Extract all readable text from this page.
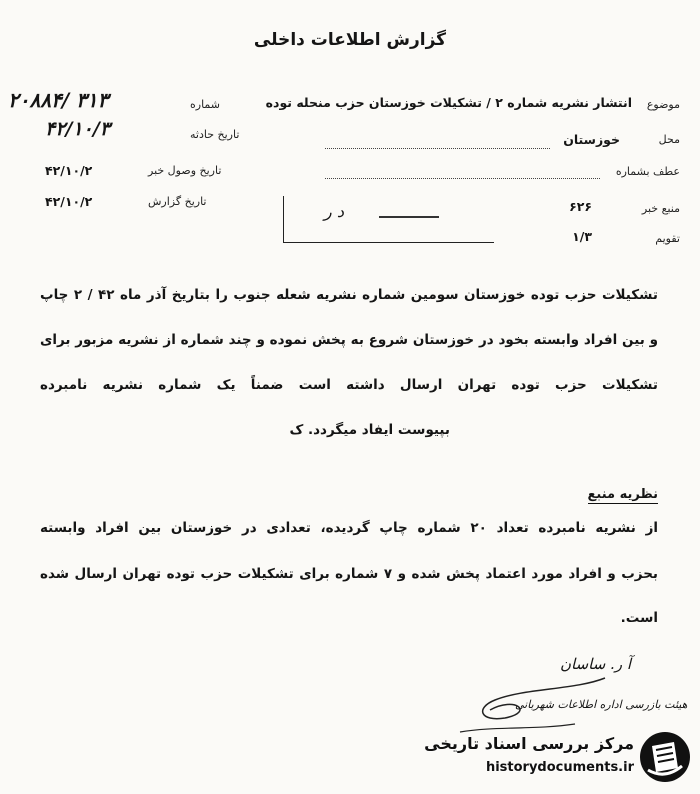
گزارش اطلاعات داخلی
شماره
۲۰۸۸۴/ ۳۱۳
تاریخ حادثه
۴۲/۱۰/۳
تاریخ وصول خبر
۴۲/۱۰/۲
تاریخ گزارش
۴۲/۱۰/۲
موضوع
انتشار نشریه شماره ۲ / تشکیلات خوزستان حزب منحله توده
محل
خوزستان
عطف بشماره
منبع خبر
۶۲۶
تقویم
۱/۳
د ر
تشکیلات حزب توده خوزستان سومین شماره نشریه شعله جنوب را بتاریخ آذر ماه ۴۲ / ۲ چاپ
و بین افراد وابسته بخود در خوزستان شروع به پخش نموده و چند شماره از نشریه مزبور برای
تشکیلات حزب توده تهران ارسال داشته است ضمناً یک شماره نشریه نامبرده
بپیوست ایفاد میگردد. ک
نظریه منبع
از نشریه نامبرده تعداد ۲۰ شماره چاپ گردیده، تعدادی در خوزستان بین افراد وابسته
بحزب و افراد مورد اعتماد پخش شده و ۷ شماره برای تشکیلات حزب توده تهران ارسال شده
است.
آ ر. ساسان
هیئت بازرسی اداره اطلاعات شهربانی
مرکز بررسی اسناد تاریخی
historydocuments.ir
